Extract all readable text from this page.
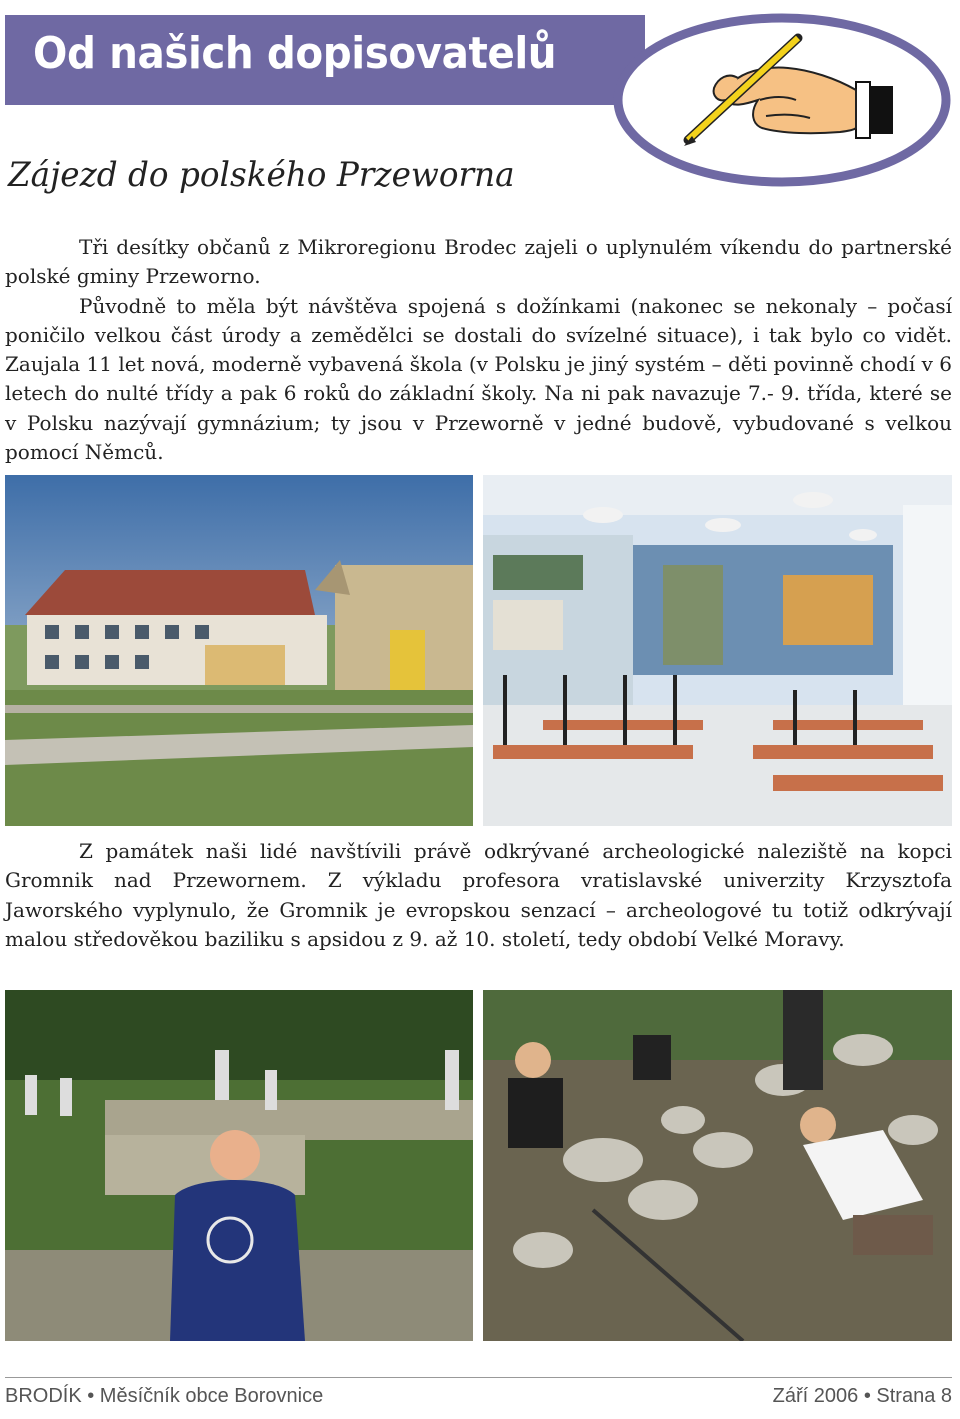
Od našich dopisovatelů
Zájezd do polského Przeworna

Tři desítky občanů z Mikroregionu Brodec zajeli o uplynulém víkendu do partnerské polské gminy Przeworno.

Původně to měla být návštěva spojená s dožínkami (nakonec se nekonaly – počasí poničilo velkou část úrody a zemědělci se dostali do svízelné situace), i tak bylo co vidět. Zaujala 11 let nová, moderně vybavená škola (v Polsku je jiný systém – děti povinně chodí v 6 letech do nulté třídy a pak 6 roků do základní školy. Na ni pak navazuje 7.- 9. třída, které se v Polsku nazývají gymnázium; ty jsou v Przeworně v jedné budově, vybudované s velkou pomocí Němců.

Z památek naši lidé navštívili právě odkrývané archeologické naleziště na kopci Gromnik nad Przewornem. Z výkladu profesora vratislavské univerzity Krzysztofa Jaworského vyplynulo, že Gromnik je evropskou senzací – archeologové tu totiž odkrývají malou středověkou baziliku s apsidou z 9. až 10. století, tedy období Velké Moravy.

BRODÍK • Měsíčník obce Borovnice	Září 2006 • Strana 8
